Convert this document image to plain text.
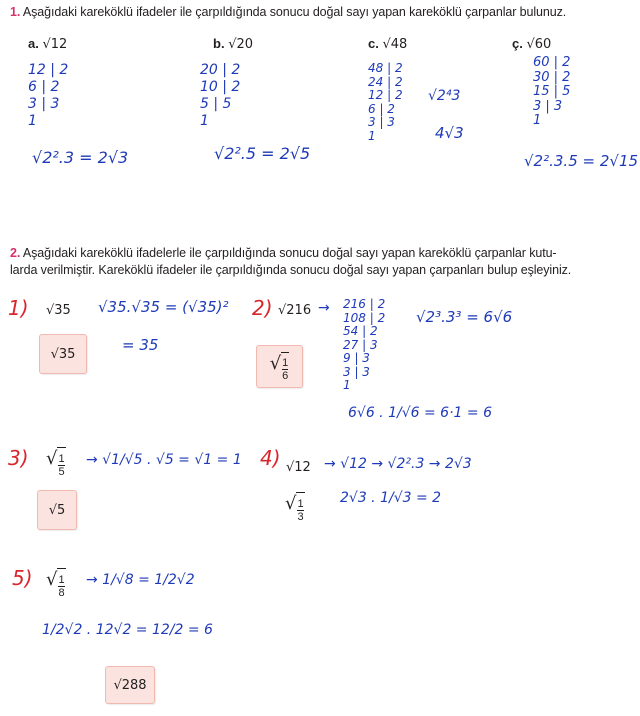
1. Aşağıdaki kareköklü ifadeler ile çarpıldığında sonucu doğal sayı yapan kareköklü çarpanlar bulunuz.
a. √12	b. √20	c. √48	ç. √60
12 | 2
6 | 2
3 | 3
1
√2².3 = 2√3
20 | 2
10 | 2
5 | 5
1
√2².5 = 2√5
48 | 2
24 | 2
12 | 2
6 | 2
3 | 3
1
√2⁴3
4√3
60 | 2
30 | 2
15 | 5
3 | 3
1
√2².3.5 = 2√15
2. Aşağıdaki kareköklü ifadelerle ile çarpıldığında sonucu doğal sayı yapan kareköklü çarpanlar kutu-
larda verilmiştir. Kareköklü ifadeler ile çarpıldığında sonucu doğal sayı yapan çarpanları bulup eşleyiniz.
1) √35 √35.√35 = (√35)²
= 35
√35
2) √216 → 216 | 2
108 | 2
54 | 2
27 | 3
9 | 3
3 | 3
1
√2³.3³ = 6√6
6√6 . 1/√6 = 6·1 = 6
√ $\frac{1}{6}$
3) √ $\frac{1}{5} \to √1/√5$ . √5 = √1 = 1
√5
4) √12 → √12 → √2².3 → 2√3
2√3 . 1/√3 = 2
√ $\frac{1}{3}$
5) √ $\frac{1}{8} \to 1/√8 = 1/2√2$
1/2√2 . 12√2 = 12/2 = 6
√288
